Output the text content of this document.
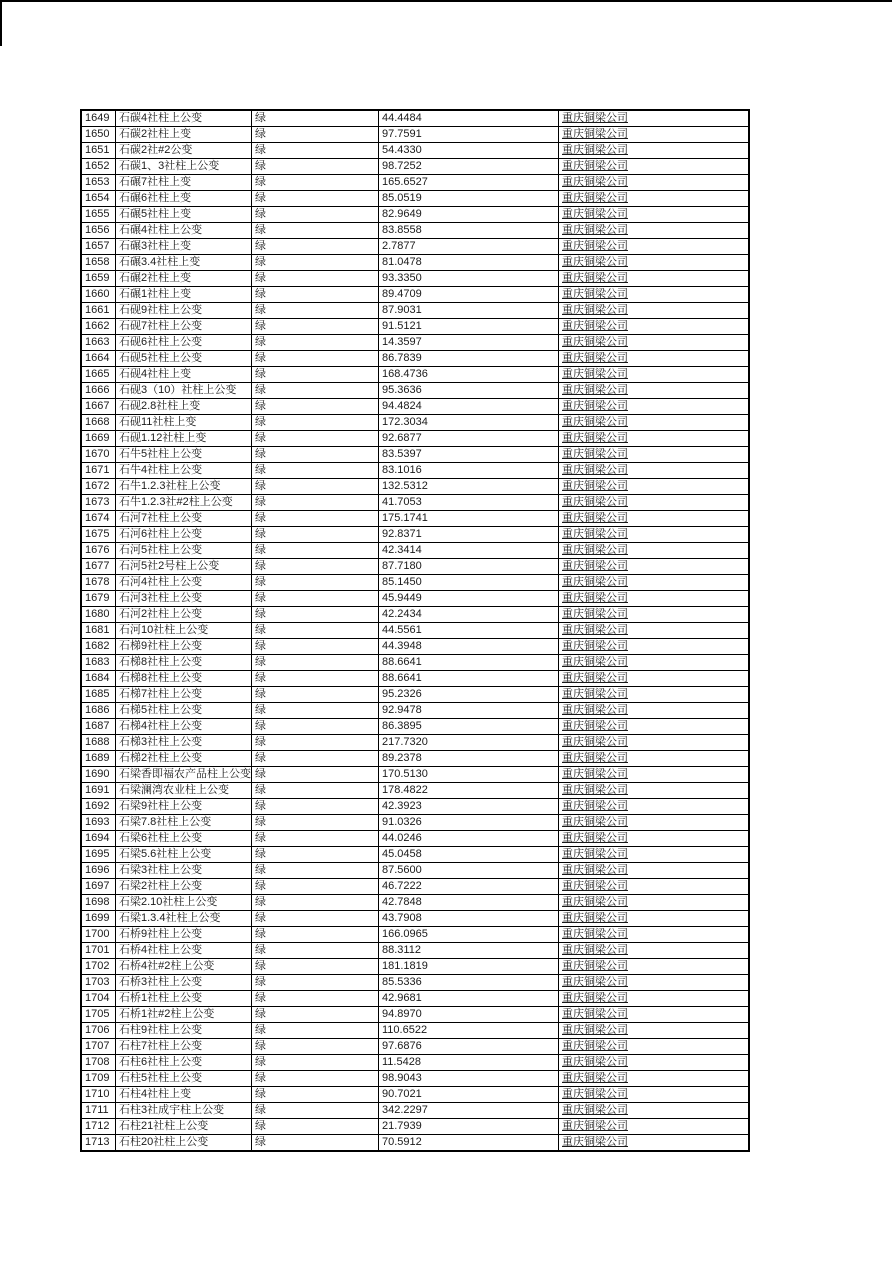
1649	石碳4社柱上公变	绿	44.4484	重庆铜梁公司
1650	石碳2社柱上变	绿	97.7591	重庆铜梁公司
1651	石碳2社#2公变	绿	54.4330	重庆铜梁公司
1652	石碳1、3社柱上公变	绿	98.7252	重庆铜梁公司
1653	石碾7社柱上变	绿	165.6527	重庆铜梁公司
1654	石碾6社柱上变	绿	85.0519	重庆铜梁公司
1655	石碾5社柱上变	绿	82.9649	重庆铜梁公司
1656	石碾4社柱上公变	绿	83.8558	重庆铜梁公司
1657	石碾3社柱上变	绿	2.7877	重庆铜梁公司
1658	石碾3.4社柱上变	绿	81.0478	重庆铜梁公司
1659	石碾2社柱上变	绿	93.3350	重庆铜梁公司
1660	石碾1社柱上变	绿	89.4709	重庆铜梁公司
1661	石砚9社柱上公变	绿	87.9031	重庆铜梁公司
1662	石砚7社柱上公变	绿	91.5121	重庆铜梁公司
1663	石砚6社柱上公变	绿	14.3597	重庆铜梁公司
1664	石砚5社柱上公变	绿	86.7839	重庆铜梁公司
1665	石砚4社柱上变	绿	168.4736	重庆铜梁公司
1666	石砚3（10）社柱上公变	绿	95.3636	重庆铜梁公司
1667	石砚2.8社柱上变	绿	94.4824	重庆铜梁公司
1668	石砚11社柱上变	绿	172.3034	重庆铜梁公司
1669	石砚1.12社柱上变	绿	92.6877	重庆铜梁公司
1670	石牛5社柱上公变	绿	83.5397	重庆铜梁公司
1671	石牛4社柱上公变	绿	83.1016	重庆铜梁公司
1672	石牛1.2.3社柱上公变	绿	132.5312	重庆铜梁公司
1673	石牛1.2.3社#2柱上公变	绿	41.7053	重庆铜梁公司
1674	石河7社柱上公变	绿	175.1741	重庆铜梁公司
1675	石河6社柱上公变	绿	92.8371	重庆铜梁公司
1676	石河5社柱上公变	绿	42.3414	重庆铜梁公司
1677	石河5社2号柱上公变	绿	87.7180	重庆铜梁公司
1678	石河4社柱上公变	绿	85.1450	重庆铜梁公司
1679	石河3社柱上公变	绿	45.9449	重庆铜梁公司
1680	石河2社柱上公变	绿	42.2434	重庆铜梁公司
1681	石河10社柱上公变	绿	44.5561	重庆铜梁公司
1682	石梯9社柱上公变	绿	44.3948	重庆铜梁公司
1683	石梯8社柱上公变	绿	88.6641	重庆铜梁公司
1684	石梯8社柱上公变	绿	88.6641	重庆铜梁公司
1685	石梯7社柱上公变	绿	95.2326	重庆铜梁公司
1686	石梯5社柱上公变	绿	92.9478	重庆铜梁公司
1687	石梯4社柱上公变	绿	86.3895	重庆铜梁公司
1688	石梯3社柱上公变	绿	217.7320	重庆铜梁公司
1689	石梯2社柱上公变	绿	89.2378	重庆铜梁公司
1690	石梁香即福农产品柱上公变	绿	170.5130	重庆铜梁公司
1691	石梁澜湾农业柱上公变	绿	178.4822	重庆铜梁公司
1692	石梁9社柱上公变	绿	42.3923	重庆铜梁公司
1693	石梁7.8社柱上公变	绿	91.0326	重庆铜梁公司
1694	石梁6社柱上公变	绿	44.0246	重庆铜梁公司
1695	石梁5.6社柱上公变	绿	45.0458	重庆铜梁公司
1696	石梁3社柱上公变	绿	87.5600	重庆铜梁公司
1697	石梁2社柱上公变	绿	46.7222	重庆铜梁公司
1698	石梁2.10社柱上公变	绿	42.7848	重庆铜梁公司
1699	石梁1.3.4社柱上公变	绿	43.7908	重庆铜梁公司
1700	石桥9社柱上公变	绿	166.0965	重庆铜梁公司
1701	石桥4社柱上公变	绿	88.3112	重庆铜梁公司
1702	石桥4社#2柱上公变	绿	181.1819	重庆铜梁公司
1703	石桥3社柱上公变	绿	85.5336	重庆铜梁公司
1704	石桥1社柱上公变	绿	42.9681	重庆铜梁公司
1705	石桥1社#2柱上公变	绿	94.8970	重庆铜梁公司
1706	石柱9社柱上公变	绿	110.6522	重庆铜梁公司
1707	石柱7社柱上公变	绿	97.6876	重庆铜梁公司
1708	石柱6社柱上公变	绿	11.5428	重庆铜梁公司
1709	石柱5社柱上公变	绿	98.9043	重庆铜梁公司
1710	石柱4社柱上变	绿	90.7021	重庆铜梁公司
1711	石柱3社成宇柱上公变	绿	342.2297	重庆铜梁公司
1712	石柱21社柱上公变	绿	21.7939	重庆铜梁公司
1713	石柱20社柱上公变	绿	70.5912	重庆铜梁公司
